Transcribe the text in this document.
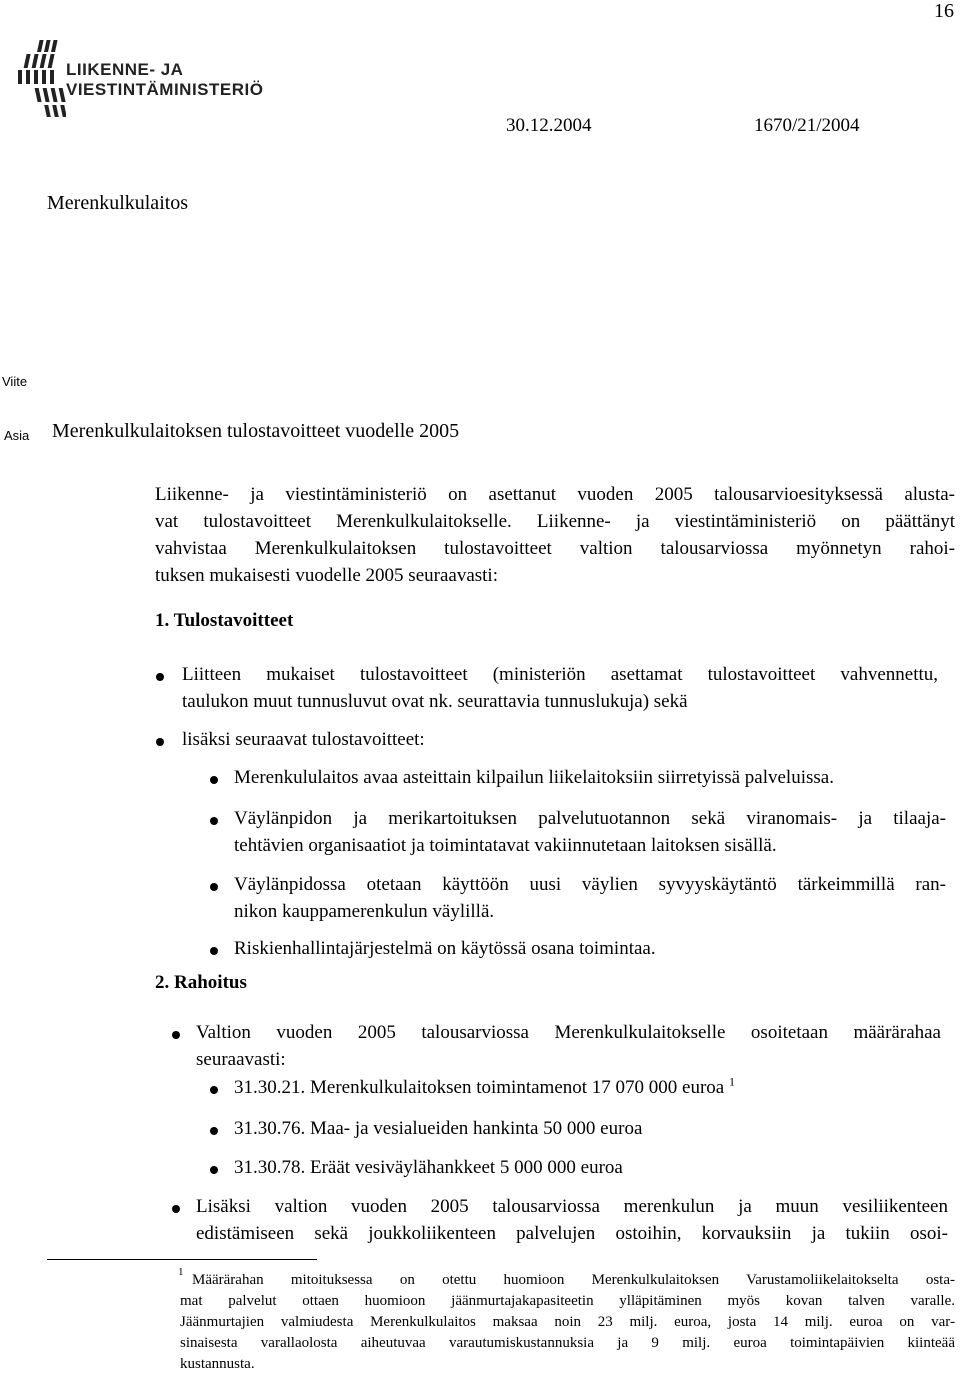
16
LIIKENNE- JA
VIESTINTÄMINISTERIÖ
30.12.2004	1670/21/2004
Merenkulkulaitos
Viite
Asia Merenkulkulaitoksen tulostavoitteet vuodelle 2005
Liikenne- ja viestintäministeriö on asettanut vuoden 2005 talousarvioesityksessä alusta-
vat tulostavoitteet Merenkulkulaitokselle. Liikenne- ja viestintäministeriö on päättänyt
vahvistaa Merenkulkulaitoksen tulostavoitteet valtion talousarviossa myönnetyn rahoi-
tuksen mukaisesti vuodelle 2005 seuraavasti:
1. Tulostavoitteet
Liitteen mukaiset tulostavoitteet (ministeriön asettamat tulostavoitteet vahvennettu,
taulukon muut tunnusluvut ovat nk. seurattavia tunnuslukuja) sekä
lisäksi seuraavat tulostavoitteet:
Merenkululaitos avaa asteittain kilpailun liikelaitoksiin siirretyissä palveluissa.
Väylänpidon ja merikartoituksen palvelutuotannon sekä viranomais- ja tilaaja-
tehtävien organisaatiot ja toimintatavat vakiinnutetaan laitoksen sisällä.
Väylänpidossa otetaan käyttöön uusi väylien syvyyskäytäntö tärkeimmillä ran-
nikon kauppamerenkulun väylillä.
Riskienhallintajärjestelmä on käytössä osana toimintaa.
2. Rahoitus
Valtion vuoden 2005 talousarviossa Merenkulkulaitokselle osoitetaan määrärahaa
seuraavasti:
31.30.21. Merenkulkulaitoksen toimintamenot 17 070 000 euroa $^1$
31.30.76. Maa- ja vesialueiden hankinta 50 000 euroa
31.30.78. Eräät vesiväylähankkeet 5 000 000 euroa
Lisäksi valtion vuoden 2005 talousarviossa merenkulun ja muun vesiliikenteen
edistämiseen sekä joukkoliikenteen palvelujen ostoihin, korvauksiin ja tukiin osoi-
1 Määrärahan mitoituksessa on otettu huomioon Merenkulkulaitoksen Varustamoliikelaitokselta osta-
mat palvelut ottaen huomioon jäänmurtajakapasiteetin ylläpitäminen myös kovan talven varalle.
Jäänmurtajien valmiudesta Merenkulkulaitos maksaa noin 23 milj. euroa, josta 14 milj. euroa on var-
sinaisesta varallaolosta aiheutuvaa varautumiskustannuksia ja 9 milj. euroa toimintapäivien kiinteää
kustannusta.
